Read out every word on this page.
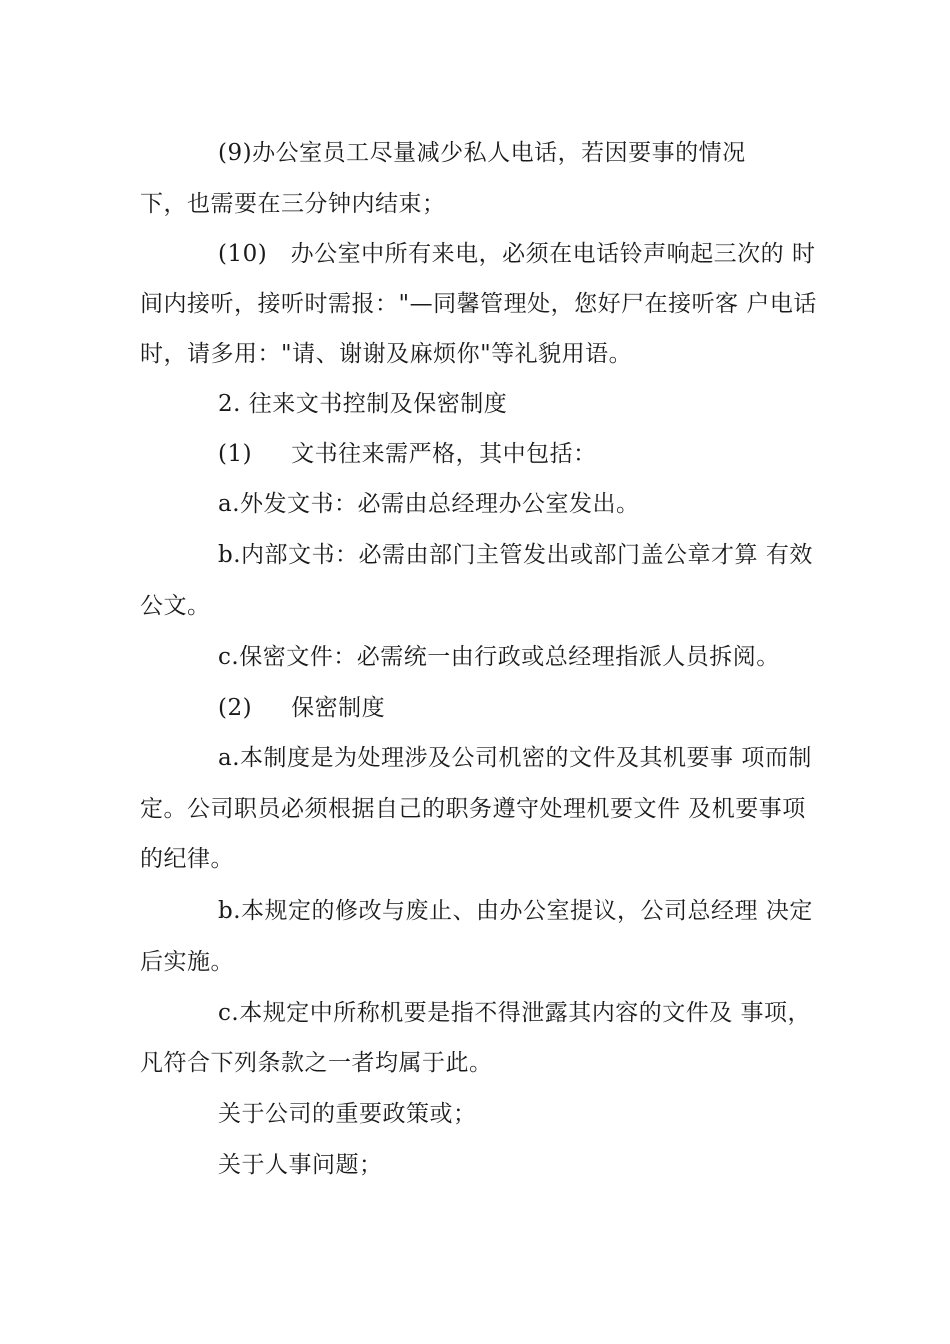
(9)办公室员工尽量减少私人电话，若因要事的情况
下，也需要在三分钟内结束；
(10)   办公室中所有来电，必须在电话铃声响起三次的 时
间内接听，接听时需报："—同馨管理处，您好尸在接听客 户电话
时，请多用："请、谢谢及麻烦你"等礼貌用语。
2. 往来文书控制及保密制度
(1)     文书往来需严格，其中包括：
a.外发文书：必需由总经理办公室发出。
b.内部文书：必需由部门主管发出或部门盖公章才算 有效
公文。
c.保密文件：必需统一由行政或总经理指派人员拆阅。
(2)     保密制度
a.本制度是为处理涉及公司机密的文件及其机要事 项而制
定。公司职员必须根据自己的职务遵守处理机要文件 及机要事项
的纪律。
b.本规定的修改与废止、由办公室提议，公司总经理 决定
后实施。
c.本规定中所称机要是指不得泄露其内容的文件及 事项，
凡符合下列条款之一者均属于此。
关于公司的重要政策或；
关于人事问题；
